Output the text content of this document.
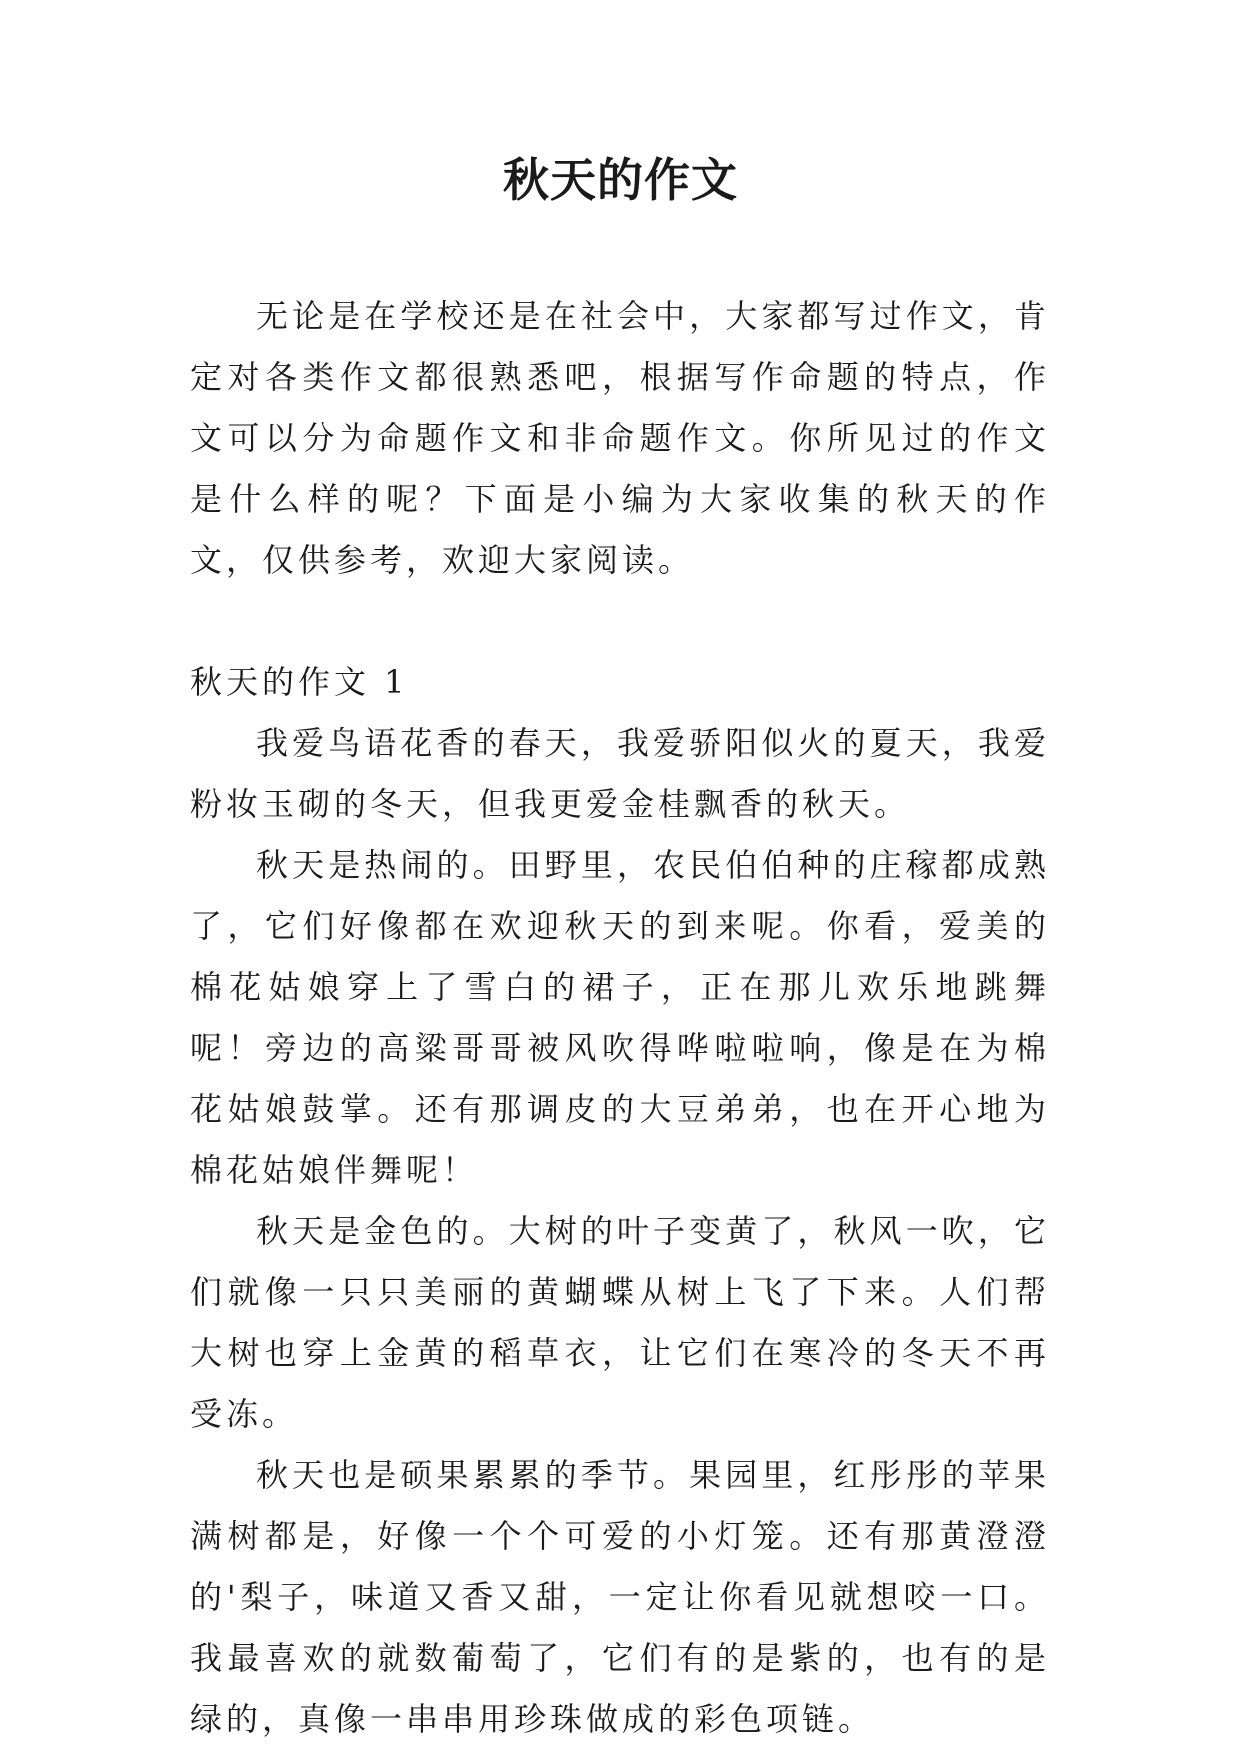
秋天的作文

无论是在学校还是在社会中，大家都写过作文，肯定对各类作文都很熟悉吧，根据写作命题的特点，作文可以分为命题作文和非命题作文。你所见过的作文是什么样的呢？下面是小编为大家收集的秋天的作文，仅供参考，欢迎大家阅读。

秋天的作文 1

我爱鸟语花香的春天，我爱骄阳似火的夏天，我爱粉妆玉砌的冬天，但我更爱金桂飘香的秋天。

秋天是热闹的。田野里，农民伯伯种的庄稼都成熟了，它们好像都在欢迎秋天的到来呢。你看，爱美的棉花姑娘穿上了雪白的裙子，正在那儿欢乐地跳舞呢！旁边的高粱哥哥被风吹得哗啦啦响，像是在为棉花姑娘鼓掌。还有那调皮的大豆弟弟，也在开心地为棉花姑娘伴舞呢！

秋天是金色的。大树的叶子变黄了，秋风一吹，它们就像一只只美丽的黄蝴蝶从树上飞了下来。人们帮大树也穿上金黄的稻草衣，让它们在寒冷的冬天不再受冻。

秋天也是硕果累累的季节。果园里，红彤彤的苹果满树都是，好像一个个可爱的小灯笼。还有那黄澄澄的'梨子，味道又香又甜，一定让你看见就想咬一口。我最喜欢的就数葡萄了，它们有的是紫的，也有的是绿的，真像一串串用珍珠做成的彩色项链。
